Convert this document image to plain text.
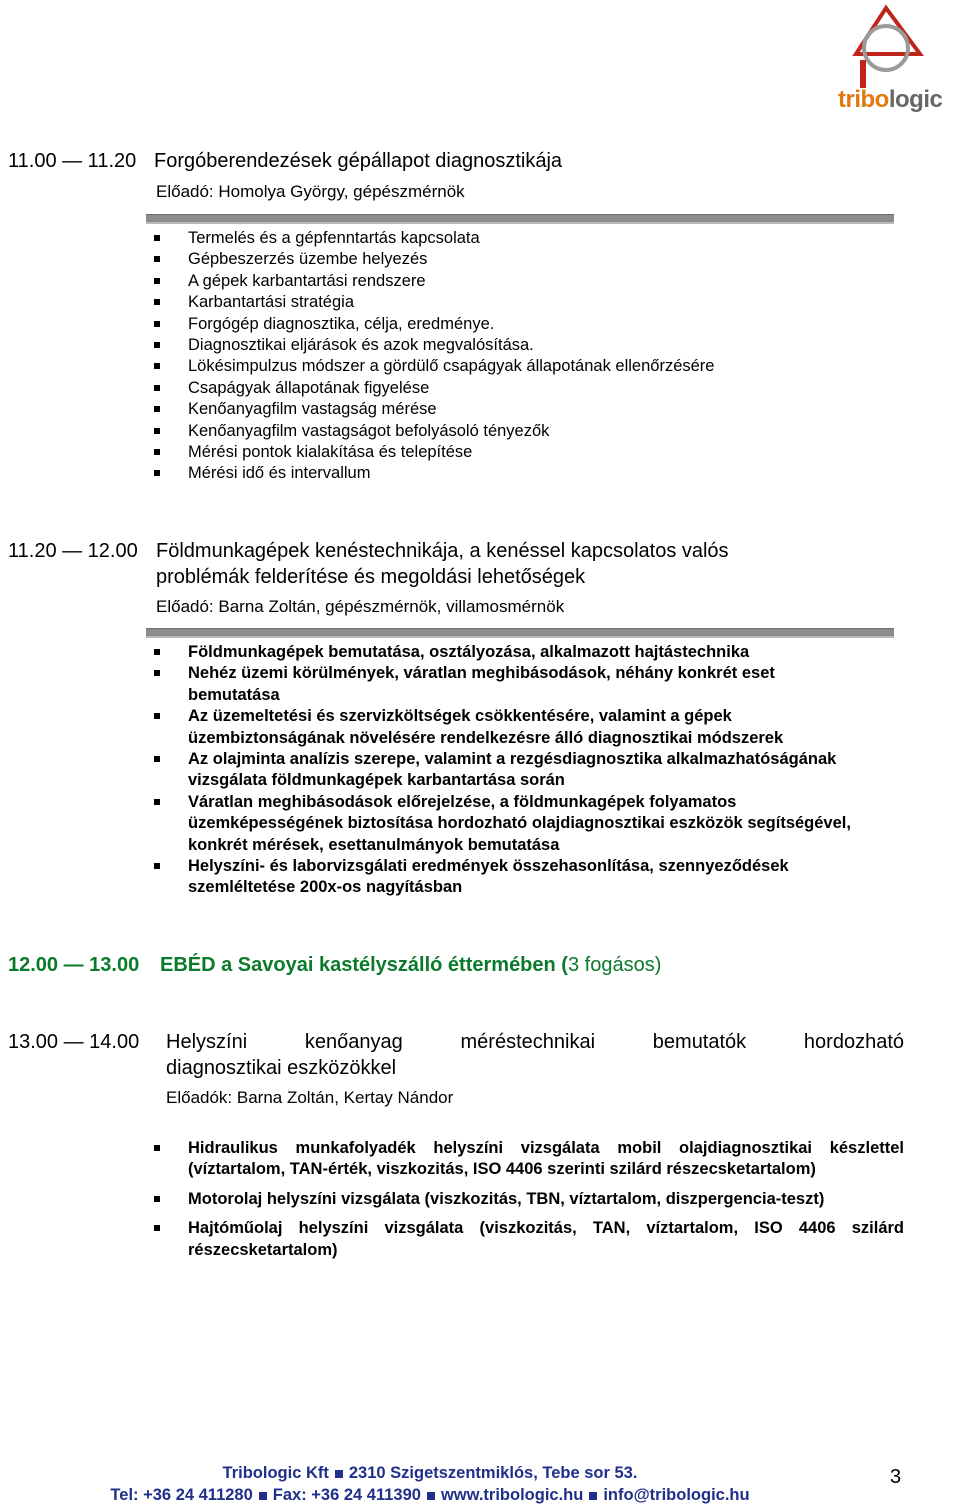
tribologic
11.00 — 11.20 Forgóberendezések gépállapot diagnosztikája
Előadó: Homolya György, gépészmérnök
Termelés és a gépfenntartás kapcsolata
Gépbeszerzés üzembe helyezés
A gépek karbantartási rendszere
Karbantartási stratégia
Forgógép diagnosztika, célja, eredménye.
Diagnosztikai eljárások és azok megvalósítása.
Lökésimpulzus módszer a gördülő csapágyak állapotának ellenőrzésére
Csapágyak állapotának figyelése
Kenőanyagfilm vastagság mérése
Kenőanyagfilm vastagságot befolyásoló tényezők
Mérési pontok kialakítása és telepítése
Mérési idő és intervallum
11.20 — 12.00 Földmunkagépek kenéstechnikája, a kenéssel kapcsolatos valós
problémák felderítése és megoldási lehetőségek
Előadó: Barna Zoltán, gépészmérnök, villamosmérnök
Földmunkagépek bemutatása, osztályozása, alkalmazott hajtástechnika
Nehéz üzemi körülmények, váratlan meghibásodások, néhány konkrét eset bemutatása
Az üzemeltetési és szervizköltségek csökkentésére, valamint a gépek üzembiztonságának növelésére rendelkezésre álló diagnosztikai módszerek
Az olajminta analízis szerepe, valamint a rezgésdiagnosztika alkalmazhatóságának vizsgálata földmunkagépek karbantartása során
Váratlan meghibásodások előrejelzése, a földmunkagépek folyamatos üzemképességének biztosítása hordozható olajdiagnosztikai eszközök segítségével, konkrét mérések, esettanulmányok bemutatása
Helyszíni- és laborvizsgálati eredmények összehasonlítása, szennyeződések szemléltetése 200x-os nagyításban
12.00 — 13.00 EBÉD a Savoyai kastélyszálló éttermében (3 fogásos)
13.00 — 14.00	Helyszíni	kenőanyag	méréstechnikai	bemutatók	hordozható
diagnosztikai eszközökkel
Előadók: Barna Zoltán, Kertay Nándor
Hidraulikus munkafolyadék helyszíni vizsgálata mobil olajdiagnosztikai készlettel (víztartalom, TAN-érték, viszkozitás, ISO 4406 szerinti szilárd részecsketartalom)
Motorolaj helyszíni vizsgálata (viszkozitás, TBN, víztartalom, diszpergencia-teszt)
Hajtóműolaj helyszíni vizsgálata (viszkozitás, TAN, víztartalom, ISO 4406 szilárd részecsketartalom)
Tribologic Kft 2310 Szigetszentmiklós, Tebe sor 53.
Tel: +36 24 411280 Fax: +36 24 411390 www.tribologic.hu info@tribologic.hu
3
